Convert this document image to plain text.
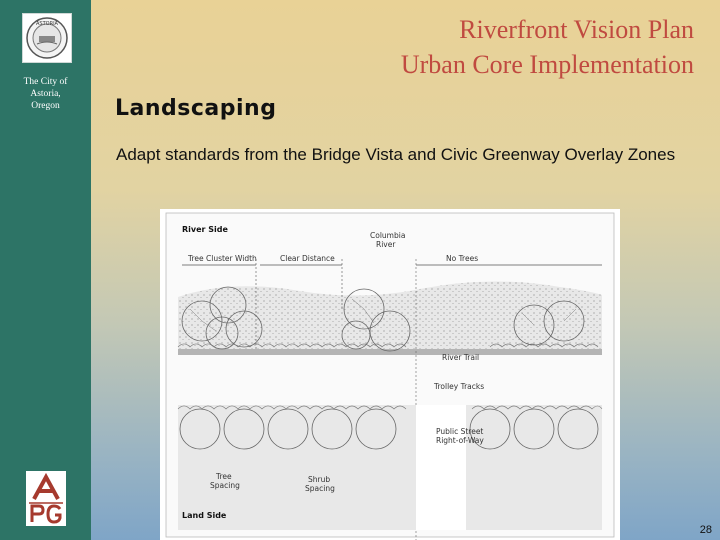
ASTORIA
The City of
Astoria,
Oregon
Riverfront Vision Plan
Urban Core Implementation
Landscaping
Adapt standards from the Bridge Vista and Civic Greenway Overlay Zones
River Side
Columbia
River
Tree Cluster Width	Clear Distance	No Trees
River Trail
Trolley Tracks
Public Street
Right-of-Way
Tree
Spacing
Shrub
Spacing
Land Side
28
